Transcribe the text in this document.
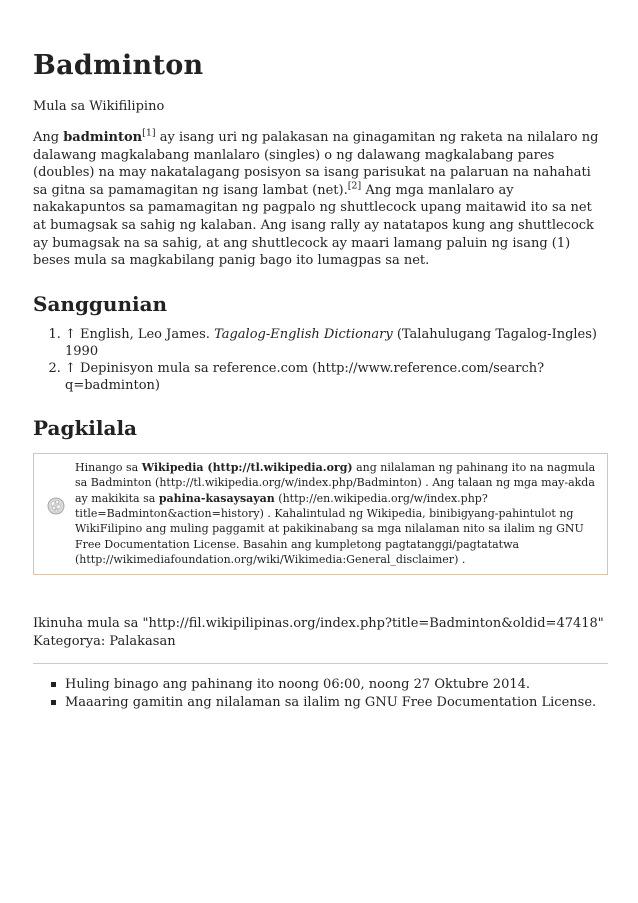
Badminton
Mula sa Wikifilipino

Ang badminton[1] ay isang uri ng palakasan na ginagamitan ng raketa na nilalaro ng dalawang magkalabang manlalaro (singles) o ng dalawang magkalabang pares (doubles) na may nakatalagang posisyon sa isang parisukat na palaruan na nahahati sa gitna sa pamamagitan ng isang lambat (net).[2] Ang mga manlalaro ay nakakapuntos sa pamamagitan ng pagpalo ng shuttlecock upang maitawid ito sa net at bumagsak sa sahig ng kalaban. Ang isang rally ay natatapos kung ang shuttlecock ay bumagsak na sa sahig, at ang shuttlecock ay maari lamang paluin ng isang (1) beses mula sa magkabilang panig bago ito lumagpas sa net.

Sanggunian
1. ↑ English, Leo James. Tagalog-English Dictionary (Talahulugang Tagalog-Ingles) 1990
2. ↑ Depinisyon mula sa reference.com (http://www.reference.com/search?q=badminton)
Pagkilala
Hinango sa Wikipedia (http://tl.wikipedia.org) ang nilalaman ng pahinang ito na nagmula sa Badminton (http://tl.wikipedia.org/w/index.php/Badminton) . Ang talaan ng mga may-akda ay makikita sa pahina-kasaysayan (http://en.wikipedia.org/w/index.php?title=Badminton&action=history) . Kahalintulad ng Wikipedia, binibigyang-pahintulot ng WikiFilipino ang muling paggamit at pakikinabang sa mga nilalaman nito sa ilalim ng GNU Free Documentation License. Basahin ang kumpletong pagtatanggi/pagtatatwa (http://wikimediafoundation.org/wiki/Wikimedia:General_disclaimer) .
Ikinuha mula sa "http://fil.wikipilipinas.org/index.php?title=Badminton&oldid=47418"
Kategorya: Palakasan
Huling binago ang pahinang ito noong 06:00, noong 27 Oktubre 2014.
Maaaring gamitin ang nilalaman sa ilalim ng GNU Free Documentation License.
